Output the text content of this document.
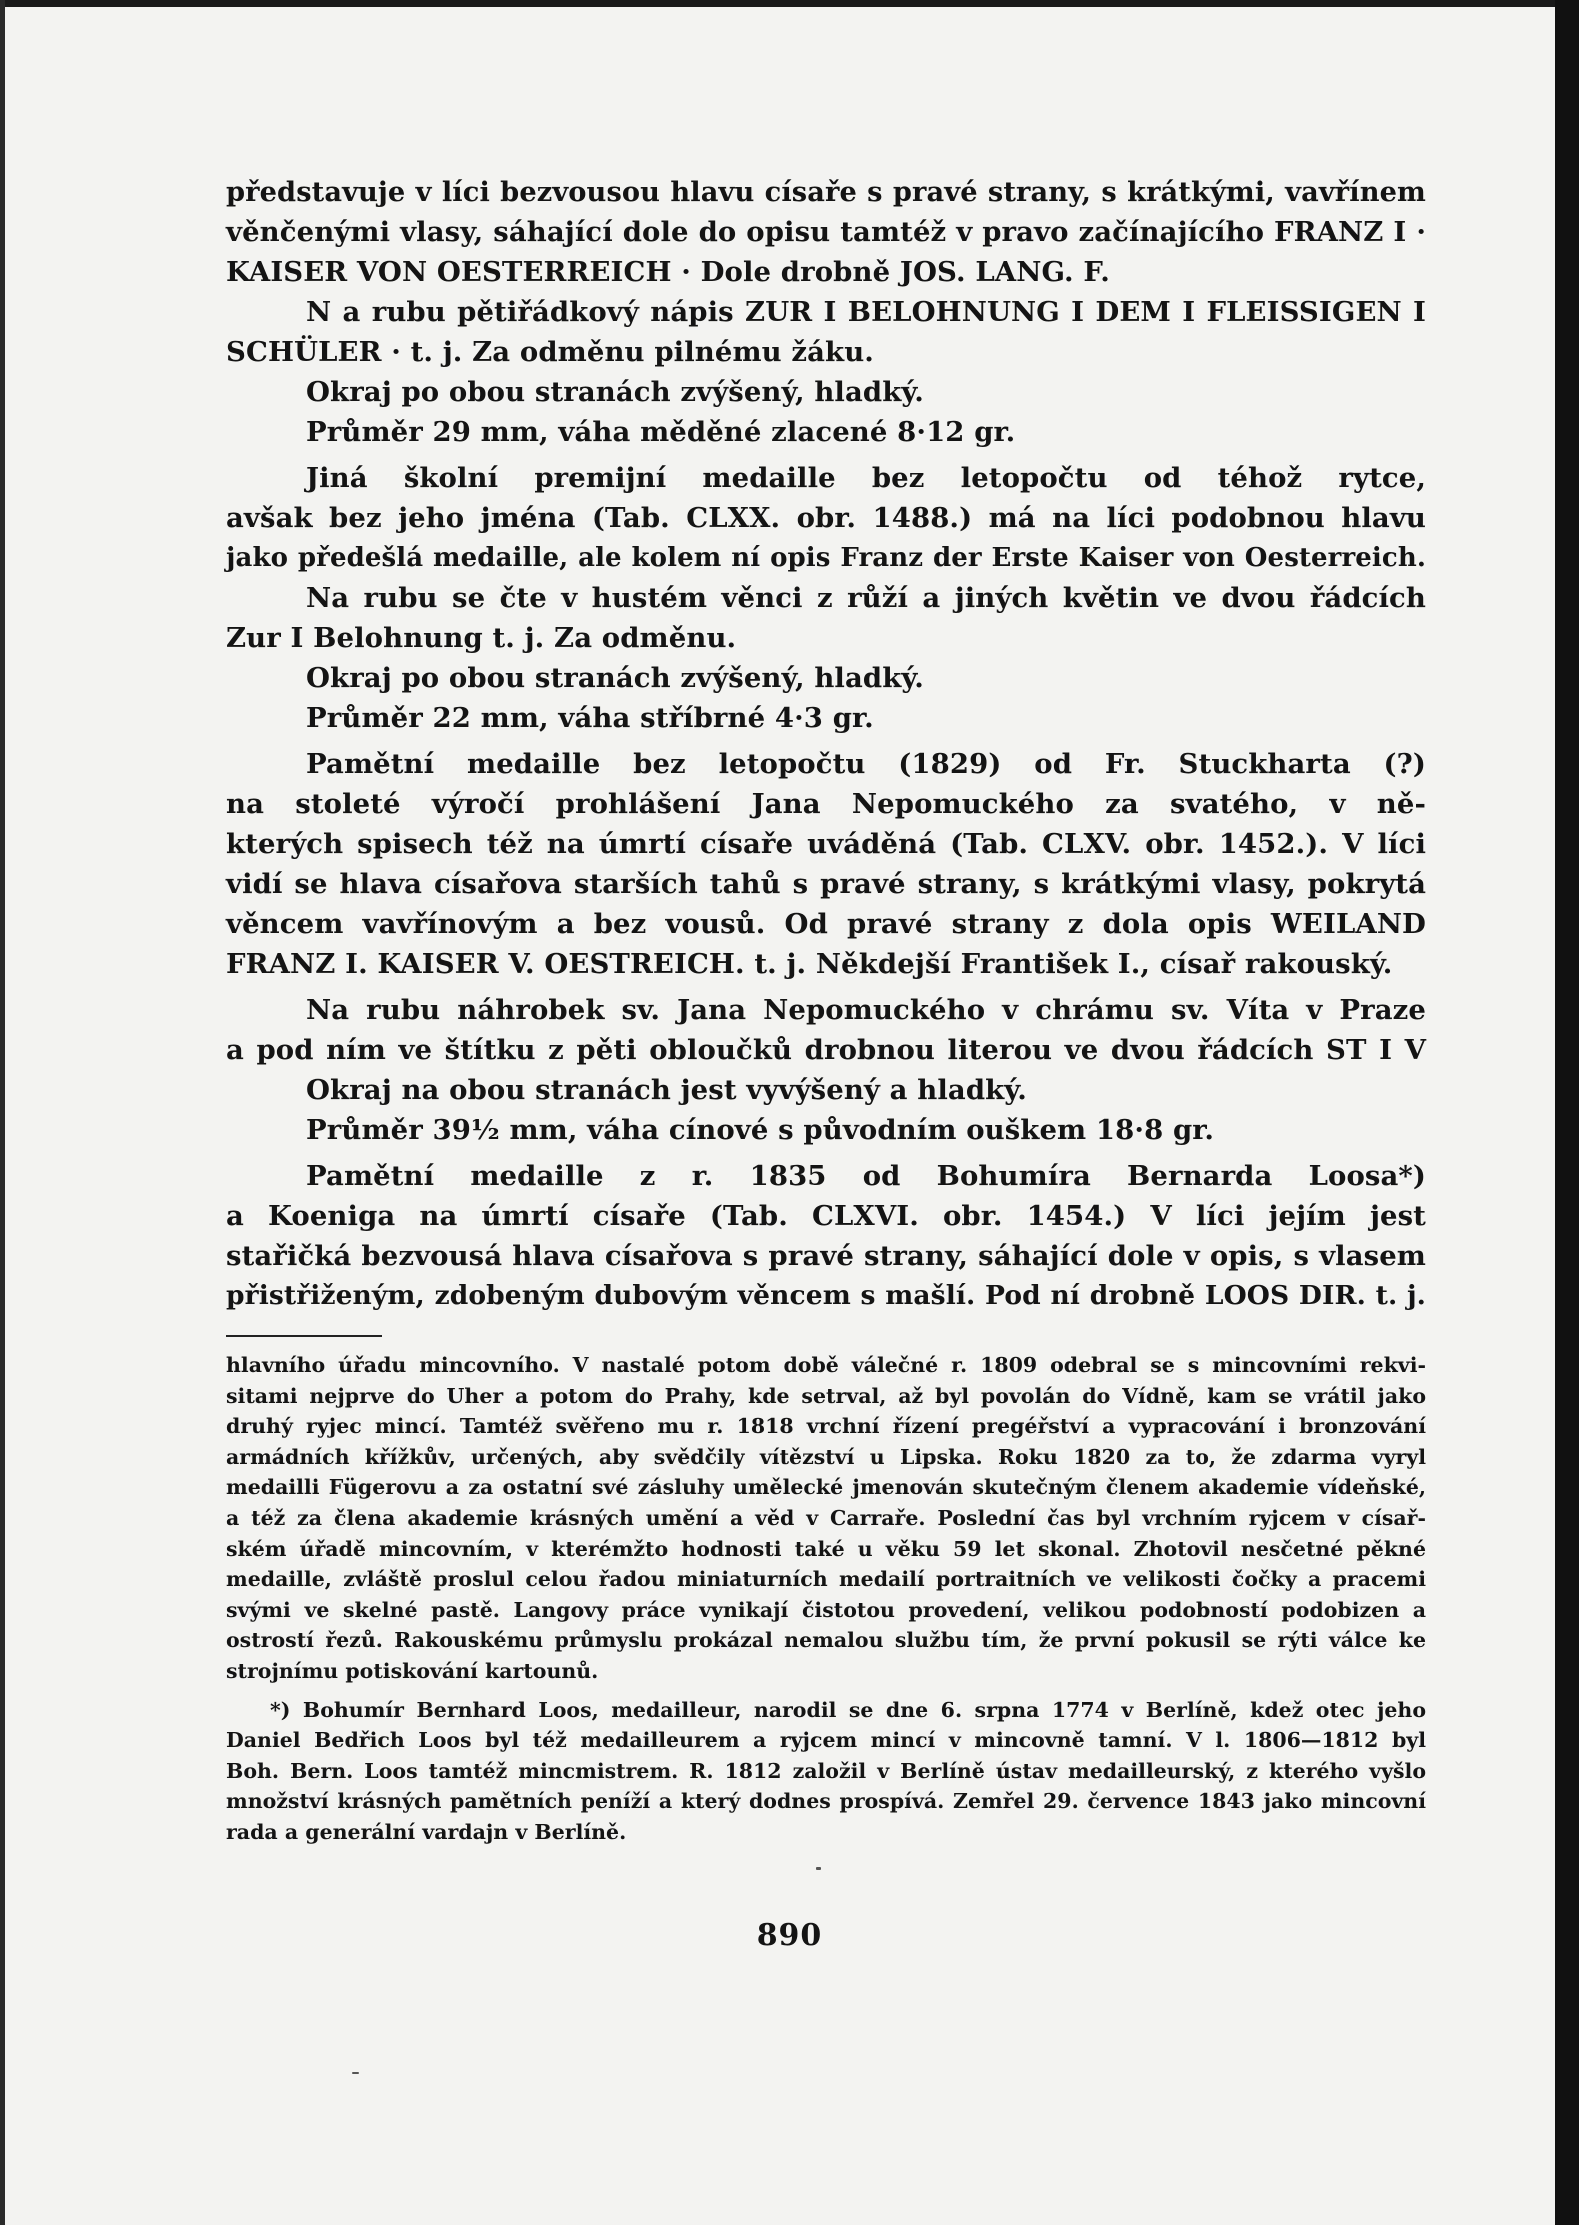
představuje v líci bezvousou hlavu císaře s pravé strany, s krátkými, vavřínem
věnčenými vlasy, sáhající dole do opisu tamtéž v pravo začínajícího FRANZ I ·
KAISER VON OESTERREICH · Dole drobně JOS. LANG. F.
N a rubu pětiřádkový nápis ZUR I BELOHNUNG I DEM I FLEISSIGEN I
SCHÜLER · t. j. Za odměnu pilnému žáku.
Okraj po obou stranách zvýšený, hladký.
Průměr 29 mm, váha měděné zlacené 8·12 gr.
Jiná školní premijní medaille bez letopočtu od téhož rytce,
avšak bez jeho jména (Tab. CLXX. obr. 1488.) má na líci podobnou hlavu
jako předešlá medaille, ale kolem ní opis Franz der Erste Kaiser von Oesterreich.
Na rubu se čte v hustém věnci z růží a jiných květin ve dvou řádcích
Zur I Belohnung t. j. Za odměnu.
Okraj po obou stranách zvýšený, hladký.
Průměr 22 mm, váha stříbrné 4·3 gr.
Pamětní medaille bez letopočtu (1829) od Fr. Stuckharta (?)
na stoleté výročí prohlášení Jana Nepomuckého za svatého, v ně-
kterých spisech též na úmrtí císaře uváděná (Tab. CLXV. obr. 1452.). V líci
vidí se hlava císařova starších tahů s pravé strany, s krátkými vlasy, pokrytá
věncem vavřínovým a bez vousů. Od pravé strany z dola opis WEILAND
FRANZ I. KAISER V. OESTREICH. t. j. Někdejší František I., císař rakouský.
Na rubu náhrobek sv. Jana Nepomuckého v chrámu sv. Víta v Praze
a pod ním ve štítku z pěti obloučků drobnou literou ve dvou řádcích ST I V
Okraj na obou stranách jest vyvýšený a hladký.
Průměr 39½ mm, váha cínové s původním ouškem 18·8 gr.
Pamětní medaille z r. 1835 od Bohumíra Bernarda Loosa*)
a Koeniga na úmrtí císaře (Tab. CLXVI. obr. 1454.) V líci jejím jest
stařičká bezvousá hlava císařova s pravé strany, sáhající dole v opis, s vlasem
přistřiženým, zdobeným dubovým věncem s mašlí. Pod ní drobně LOOS DIR. t. j.
hlavního úřadu mincovního. V nastalé potom době válečné r. 1809 odebral se s mincovními rekvi-
sitami nejprve do Uher a potom do Prahy, kde setrval, až byl povolán do Vídně, kam se vrátil jako
druhý ryjec mincí. Tamtéž svěřeno mu r. 1818 vrchní řízení pregéřství a vypracování i bronzování
armádních křížkův, určených, aby svědčily vítězství u Lipska. Roku 1820 za to, že zdarma vyryl
medailli Fügerovu a za ostatní své zásluhy umělecké jmenován skutečným členem akademie vídeňské,
a též za člena akademie krásných umění a věd v Carraře. Poslední čas byl vrchním ryjcem v císař-
ském úřadě mincovním, v kterémžto hodnosti také u věku 59 let skonal. Zhotovil nesčetné pěkné
medaille, zvláště proslul celou řadou miniaturních medailí portraitních ve velikosti čočky a pracemi
svými ve skelné pastě. Langovy práce vynikají čistotou provedení, velikou podobností podobizen a
ostrostí řezů. Rakouskému průmyslu prokázal nemalou službu tím, že první pokusil se rýti válce ke
strojnímu potiskování kartounů.
*) Bohumír Bernhard Loos, medailleur, narodil se dne 6. srpna 1774 v Berlíně, kdež otec jeho
Daniel Bedřich Loos byl též medailleurem a ryjcem mincí v mincovně tamní. V l. 1806—1812 byl
Boh. Bern. Loos tamtéž mincmistrem. R. 1812 založil v Berlíně ústav medailleurský, z kterého vyšlo
množství krásných pamětních peníží a který dodnes prospívá. Zemřel 29. července 1843 jako mincovní
rada a generální vardajn v Berlíně.
890
